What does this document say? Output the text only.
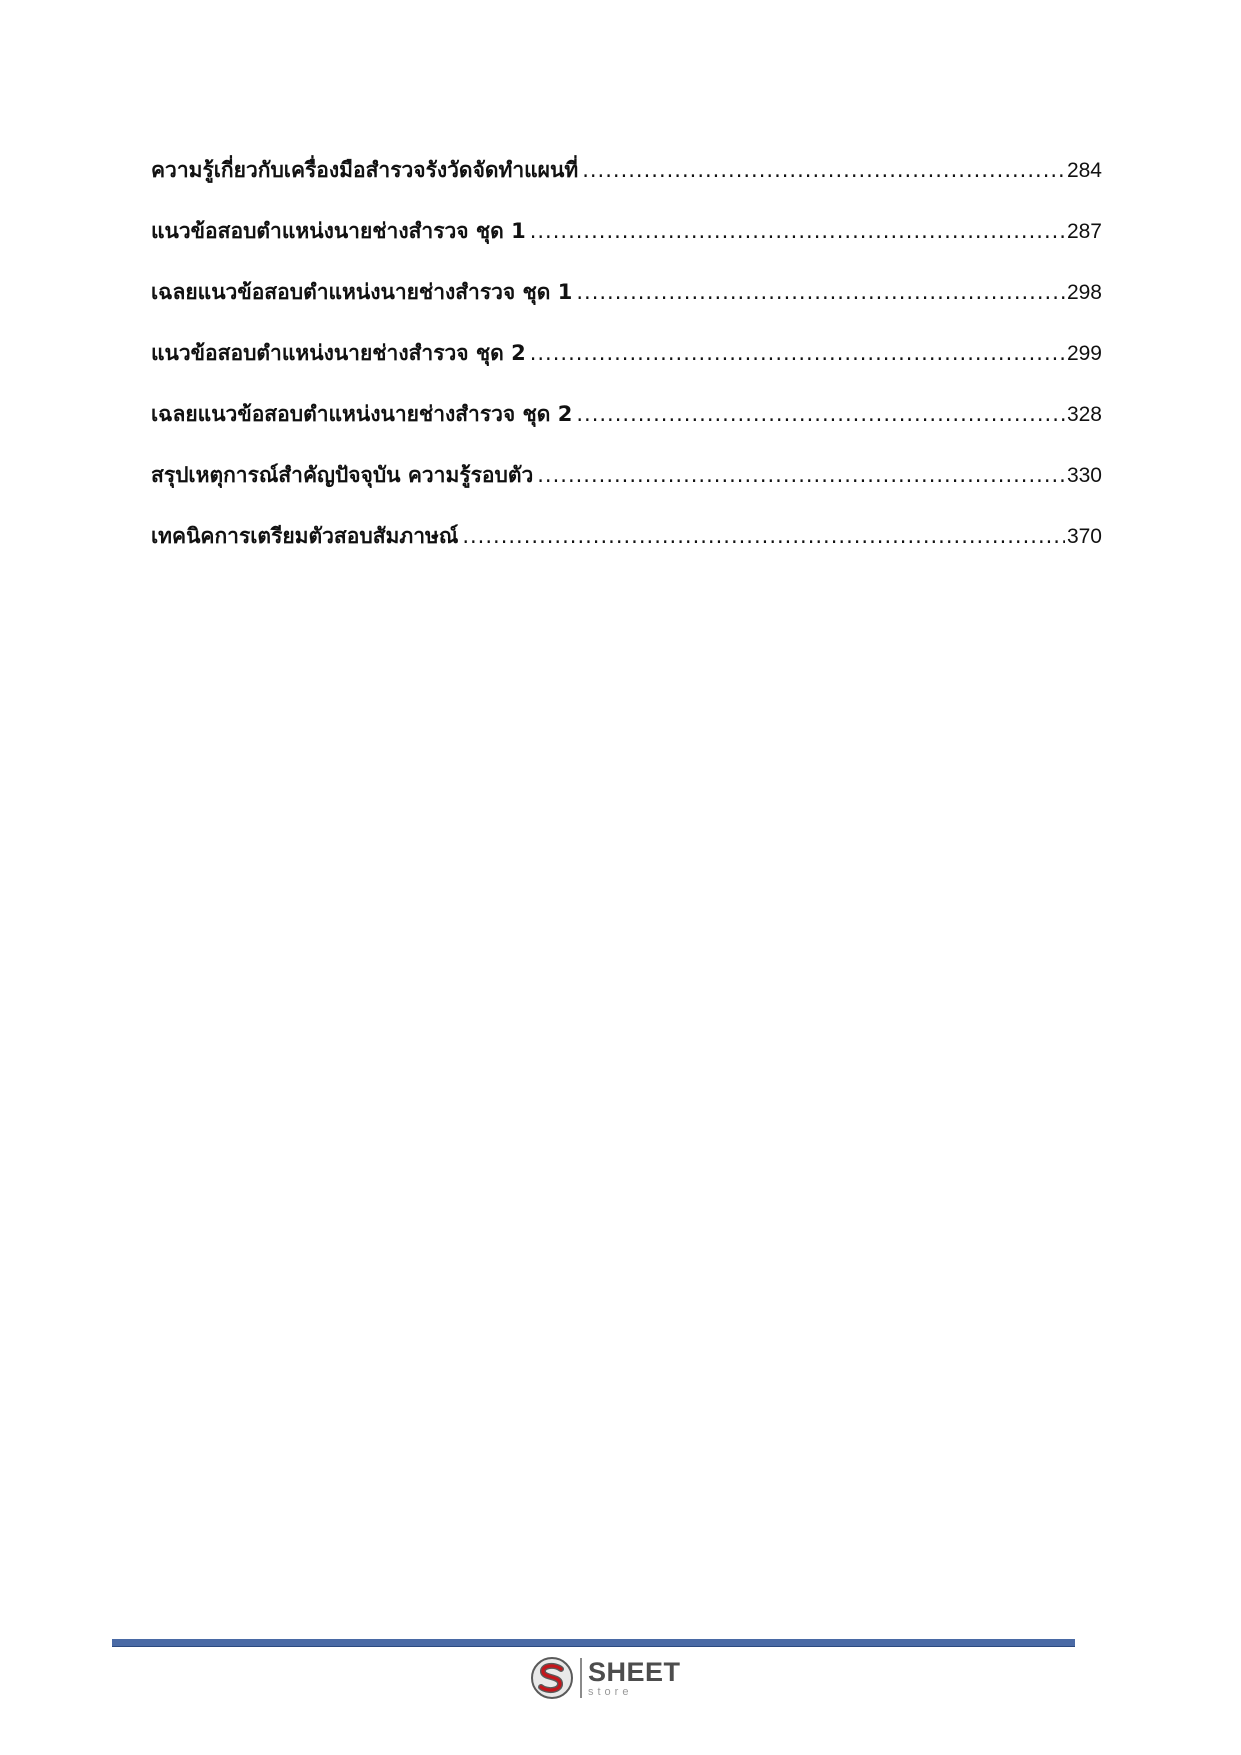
ความรู้เกี่ยวกับเครื่องมือสำรวจรังวัดจัดทำแผนที่ .....	284
แนวข้อสอบตำแหน่งนายช่างสำรวจ ชุด 1 .....	287
เฉลยแนวข้อสอบตำแหน่งนายช่างสำรวจ ชุด 1 .....	298
แนวข้อสอบตำแหน่งนายช่างสำรวจ ชุด 2 .....	299
เฉลยแนวข้อสอบตำแหน่งนายช่างสำรวจ ชุด 2 .....	328
สรุปเหตุการณ์สำคัญปัจจุบัน ความรู้รอบตัว .....	330
เทคนิคการเตรียมตัวสอบสัมภาษณ์ .....	370
SHEET
store
